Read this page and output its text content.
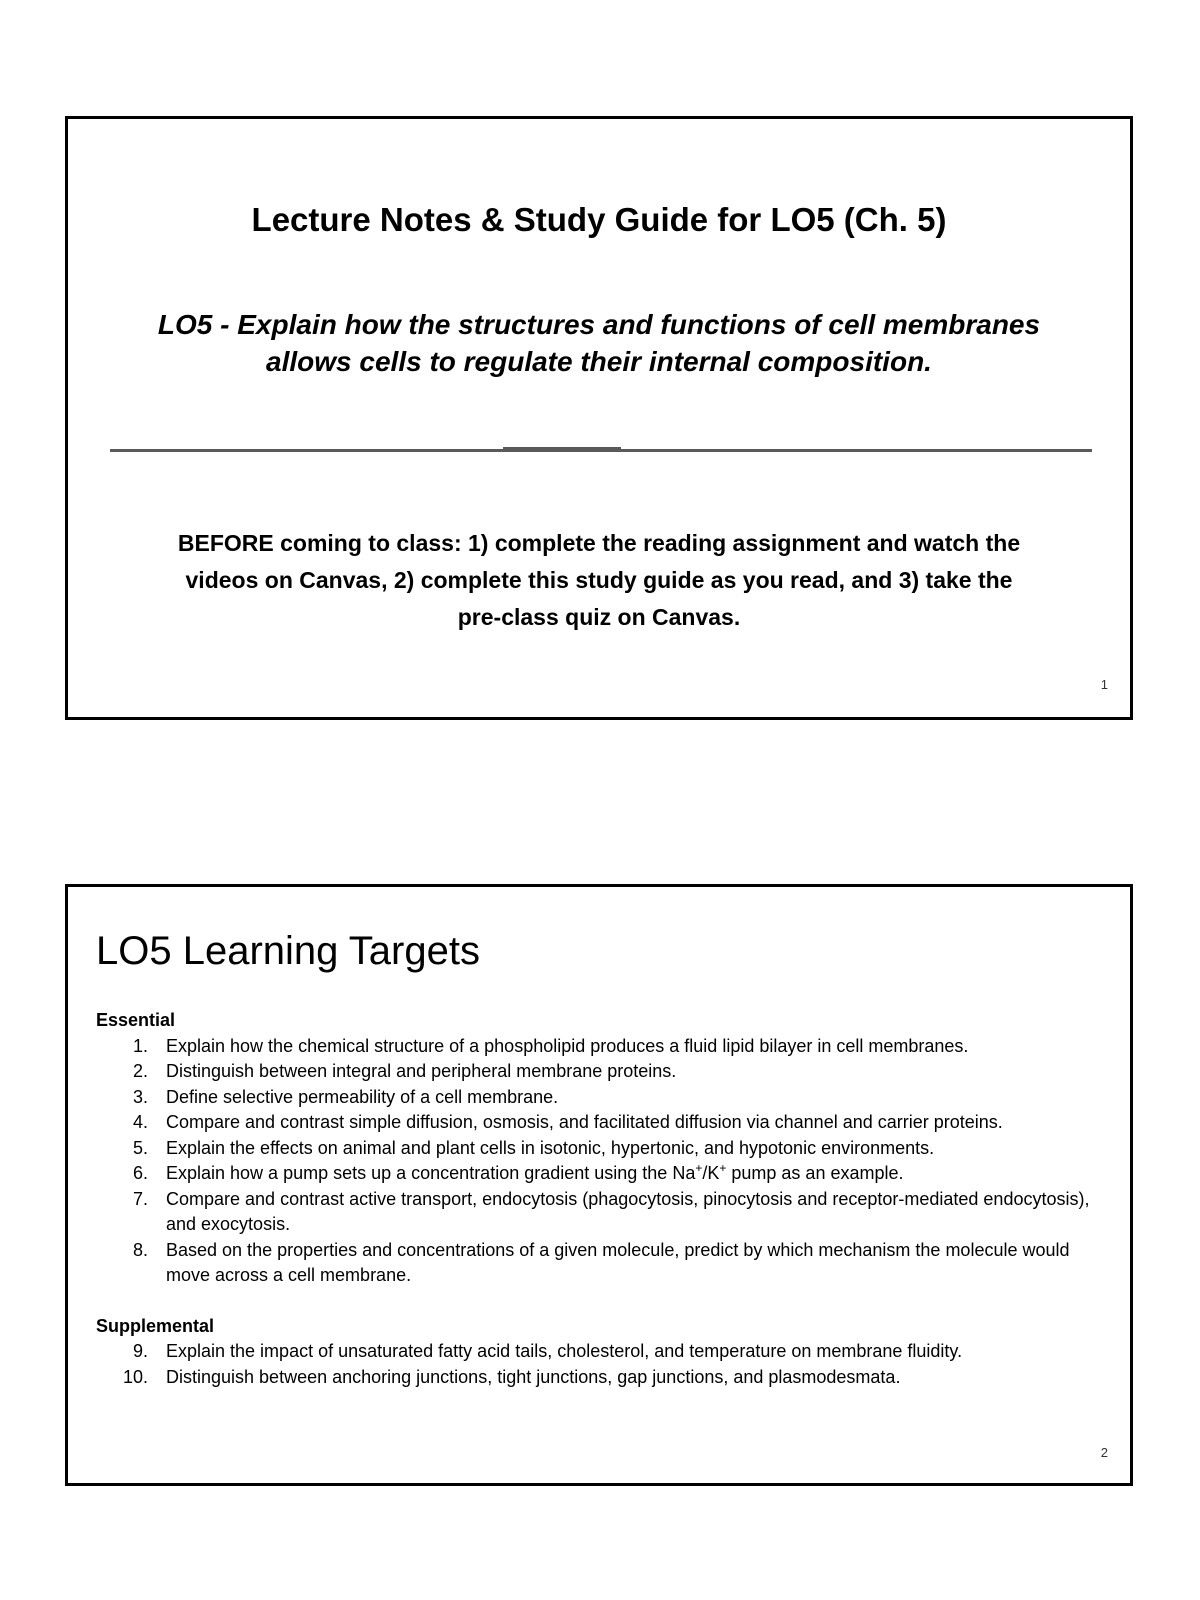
Lecture Notes & Study Guide for LO5 (Ch. 5)
LO5 - Explain how the structures and functions of cell membranes
allows cells to regulate their internal composition.
BEFORE coming to class: 1) complete the reading assignment and watch the
videos on Canvas, 2) complete this study guide as you read, and 3) take the
pre-class quiz on Canvas.
1
LO5 Learning Targets
Essential
1.	Explain how the chemical structure of a phospholipid produces a fluid lipid bilayer in cell membranes.
2.	Distinguish between integral and peripheral membrane proteins.
3.	Define selective permeability of a cell membrane.
4.	Compare and contrast simple diffusion, osmosis, and facilitated diffusion via channel and carrier proteins.
5.	Explain the effects on animal and plant cells in isotonic, hypertonic, and hypotonic environments.
6.	Explain how a pump sets up a concentration gradient using the Na+/K+ pump as an example.
7.	Compare and contrast active transport, endocytosis (phagocytosis, pinocytosis and receptor-mediated endocytosis), and exocytosis.
8.	Based on the properties and concentrations of a given molecule, predict by which mechanism the molecule would move across a cell membrane.
Supplemental
9.	Explain the impact of unsaturated fatty acid tails, cholesterol, and temperature on membrane fluidity.
10.	Distinguish between anchoring junctions, tight junctions, gap junctions, and plasmodesmata.
2
